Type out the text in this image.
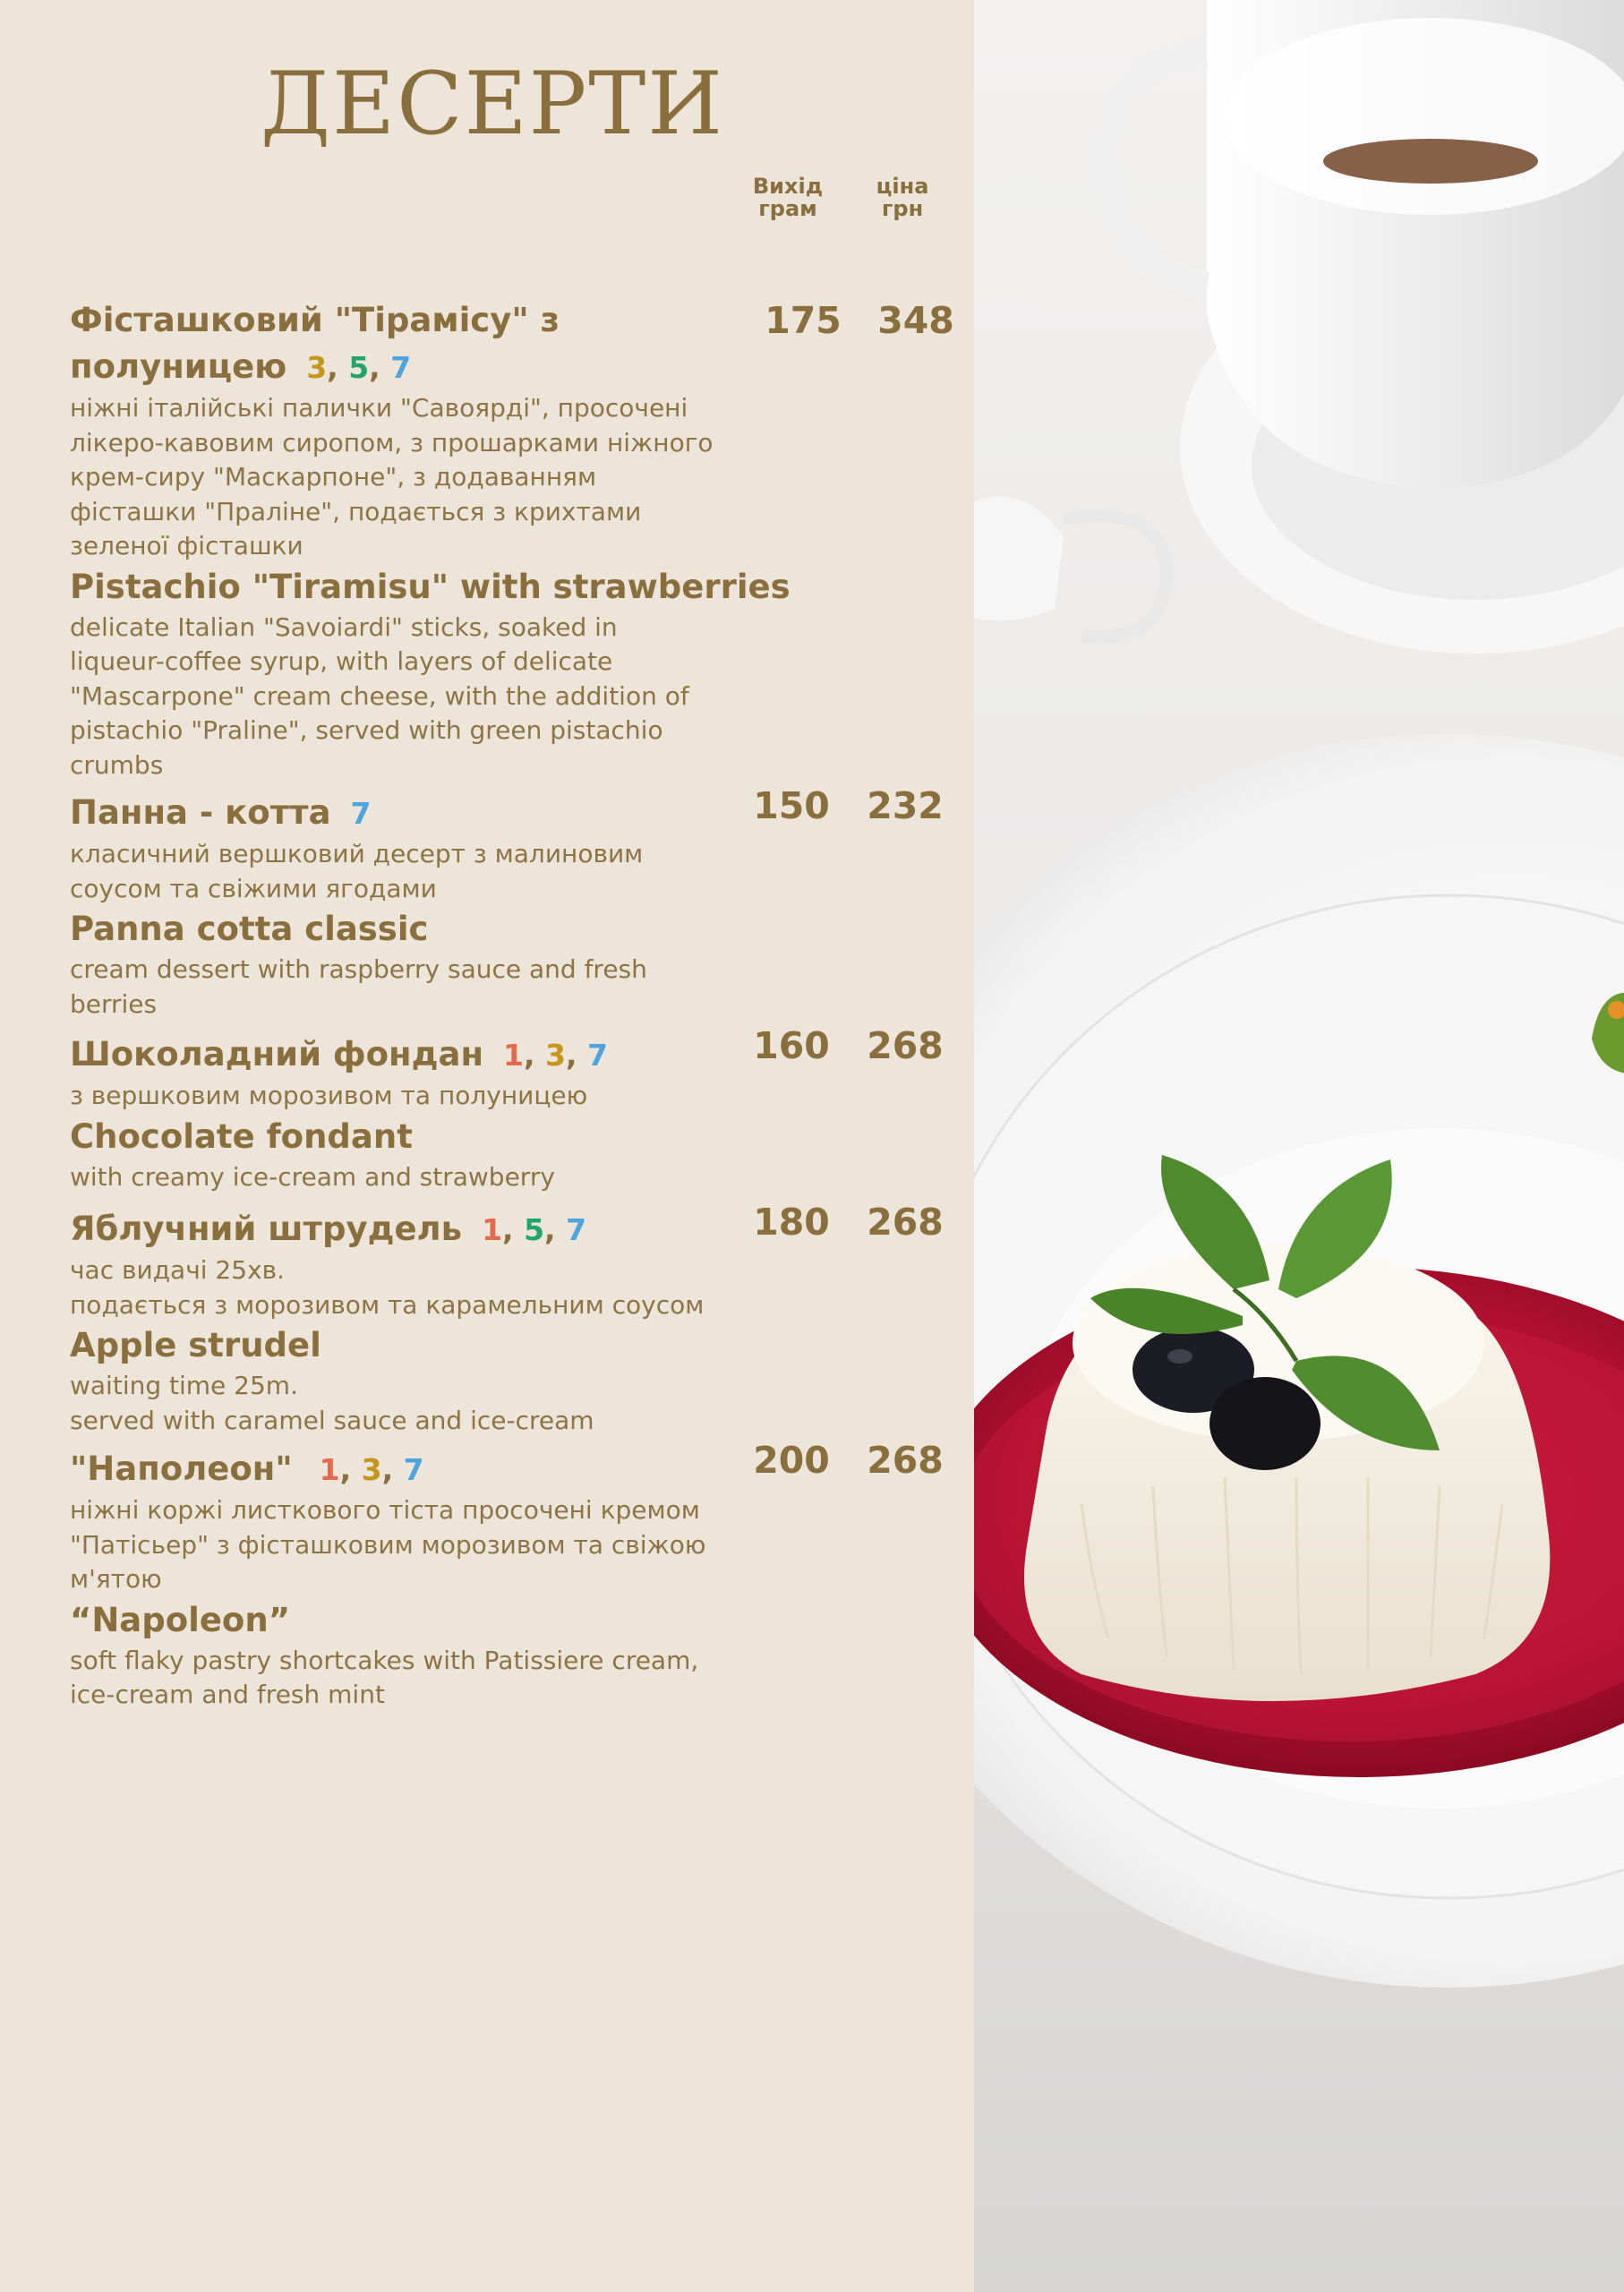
ДЕСЕРТИ
Вихід
грам
ціна
грн
Фісташковий "Тірамісу" з
полуницею 3, 5, 7

ніжні італійські палички "Савоярді", просочені
лікеро-кавовим сиропом, з прошарками ніжного
крем-сиру "Маскарпоне", з додаванням
фісташки "Праліне", подається з крихтами
зеленої фісташки

Pistachio "Tiramisu" with strawberries

delicate Italian "Savoiardi" sticks, soaked in
liqueur-coffee syrup, with layers of delicate
"Mascarpone" cream cheese, with the addition of
pistachio "Praline", served with green pistachio
crumbs

175 348
Панна - котта 7

класичний вершковий десерт з малиновим
соусом та свіжими ягодами

Panna cotta classic

cream dessert with raspberry sauce and fresh
berries

150	232
Шоколадний фондан 1, 3, 7

з вершковим морозивом та полуницею

Chocolate fondant

with creamy ice-cream and strawberry

160	268
Яблучний штрудель 1, 5, 7

час видачі 25хв.
подається з морозивом та карамельним соусом

Apple strudel

waiting time 25m.
served with caramel sauce and ice-cream

180	268
"Наполеон" 1, 3, 7

ніжні коржі листкового тіста просочені кремом
"Патісьер" з фісташковим морозивом та свіжою
м'ятою

“Napoleon”

soft flaky pastry shortcakes with Patissiere cream,
ice-cream and fresh mint

200	268
